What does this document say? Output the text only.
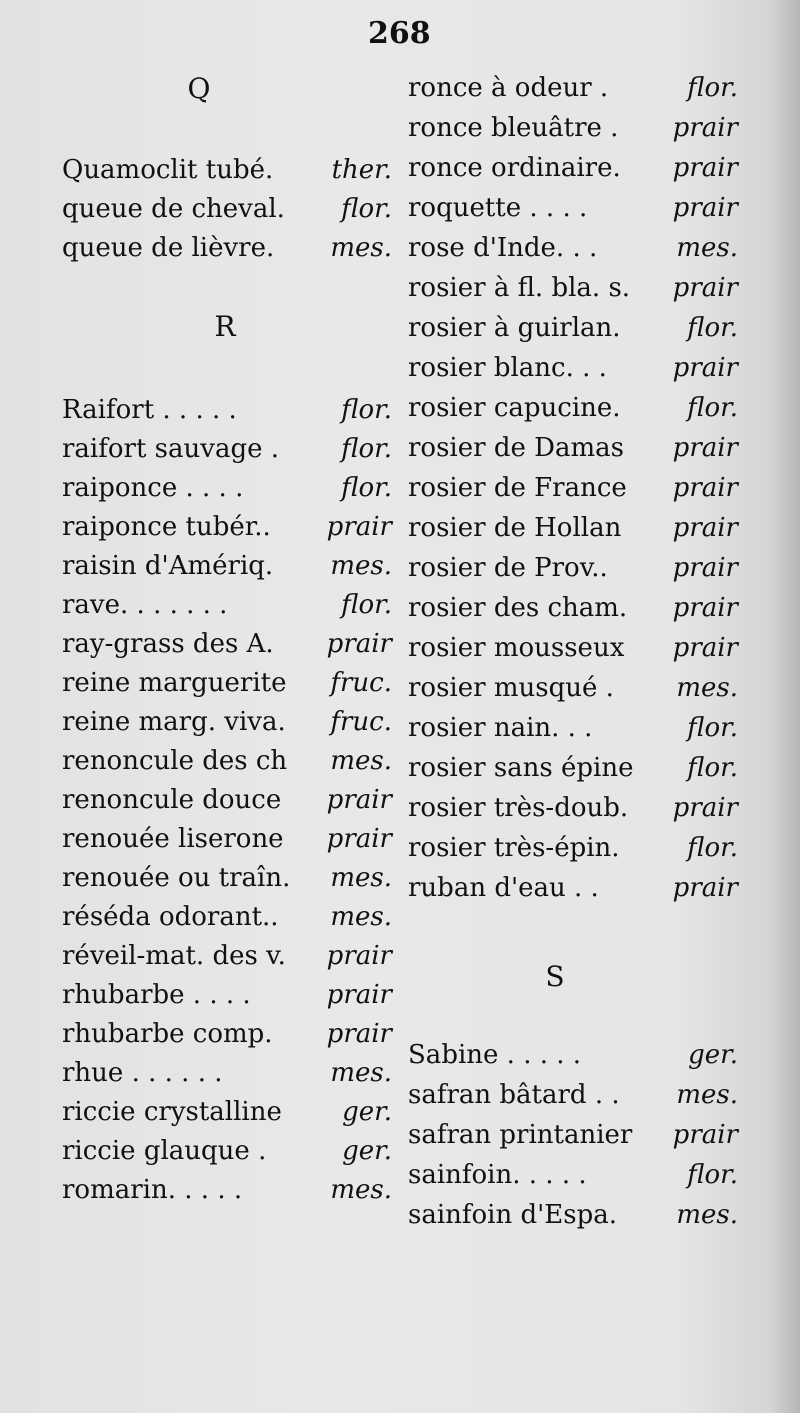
268
Q
Quamoclit tubé. ther.
queue de cheval. flor.
queue de lièvre. mes.
R
Raifort . . . . .	flor.
raifort sauvage . flor.
raiponce . . . .	flor.
raiponce tubér.. prair
raisin d'Amériq. mes.
rave. . . . . . .	flor.
ray-grass des A. prair
reine marguerite fruc.
reine marg. viva. fruc.
renoncule des ch mes.
renoncule douce prair
renouée liserone prair
renouée ou traîn. mes.
réséda odorant.. mes.
réveil-mat. des v. prair
rhubarbe . . . .	prair
rhubarbe comp. prair
rhue . . . . . .	mes.
riccie crystalline ger.
riccie glauque .	ger.
romarin. . . . .	mes.
ronce à odeur .	flor.
ronce bleuâtre . prair
ronce ordinaire. prair
roquette . . . .	prair
rose d'Inde. . .	mes.
rosier à fl. bla. s. prair
rosier à guirlan.	flor.
rosier blanc. . .	prair
rosier capucine.	flor.
rosier de Damas prair
rosier de France prair
rosier de Hollan prair
rosier de Prov.. prair
rosier des cham. prair
rosier mousseux prair
rosier musqué . mes.
rosier nain. . .	flor.
rosier sans épine flor.
rosier très-doub. prair
rosier très-épin.	flor.
ruban d'eau . .	prair
S
Sabine . . . . .	ger.
safran bâtard . . mes.
safran printanier prair
sainfoin. . . . .	flor.
sainfoin d'Espa. mes.
